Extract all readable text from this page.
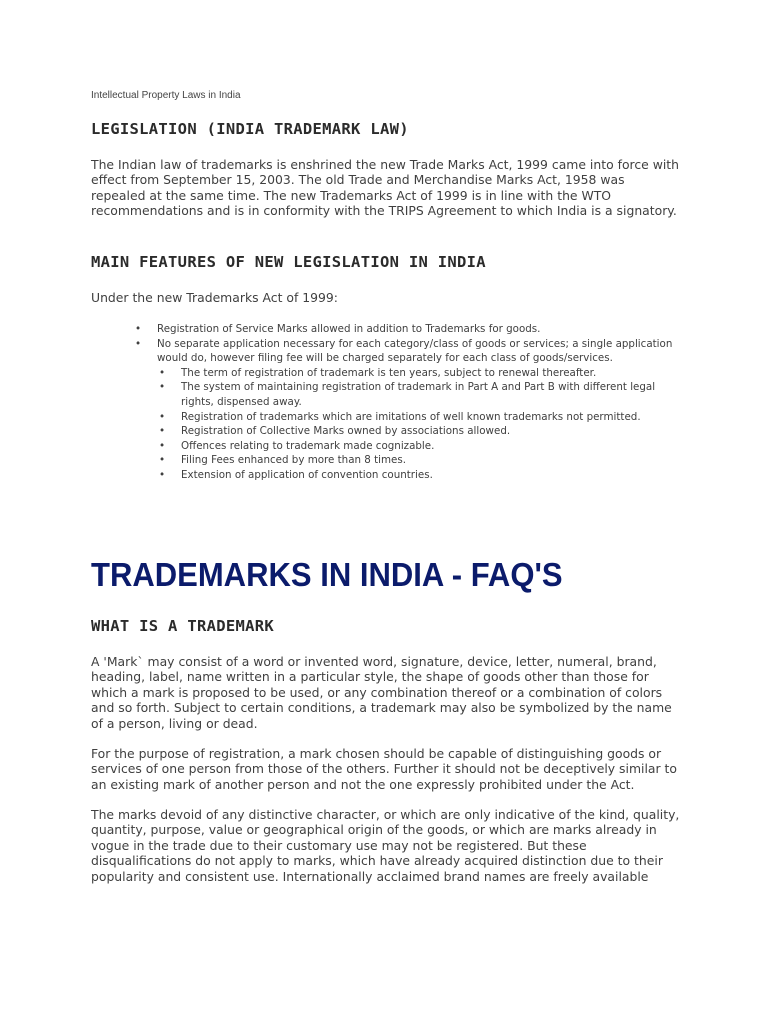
Intellectual Property Laws in India
LEGISLATION (INDIA TRADEMARK LAW)

The Indian law of trademarks is enshrined the new Trade Marks Act, 1999 came into force with effect from September 15, 2003. The old Trade and Merchandise Marks Act, 1958 was repealed at the same time. The new Trademarks Act of 1999 is in line with the WTO recommendations and is in conformity with the TRIPS Agreement to which India is a signatory.

MAIN FEATURES OF NEW LEGISLATION IN INDIA

Under the new Trademarks Act of 1999:

• Registration of Service Marks allowed in addition to Trademarks for goods.
• No separate application necessary for each category/class of goods or services; a single application would do, however filing fee will be charged separately for each class of goods/services.
• The term of registration of trademark is ten years, subject to renewal thereafter.
• The system of maintaining registration of trademark in Part A and Part B with different legal rights, dispensed away.
• Registration of trademarks which are imitations of well known trademarks not permitted.
• Registration of Collective Marks owned by associations allowed.
• Offences relating to trademark made cognizable.
• Filing Fees enhanced by more than 8 times.
• Extension of application of convention countries.
TRADEMARKS IN INDIA - FAQ'S
WHAT IS A TRADEMARK

A 'Mark` may consist of a word or invented word, signature, device, letter, numeral, brand, heading, label, name written in a particular style, the shape of goods other than those for which a mark is proposed to be used, or any combination thereof or a combination of colors and so forth. Subject to certain conditions, a trademark may also be symbolized by the name of a person, living or dead.

For the purpose of registration, a mark chosen should be capable of distinguishing goods or services of one person from those of the others. Further it should not be deceptively similar to an existing mark of another person and not the one expressly prohibited under the Act.

The marks devoid of any distinctive character, or which are only indicative of the kind, quality, quantity, purpose, value or geographical origin of the goods, or which are marks already in vogue in the trade due to their customary use may not be registered. But these disqualifications do not apply to marks, which have already acquired distinction due to their popularity and consistent use. Internationally acclaimed brand names are freely available
